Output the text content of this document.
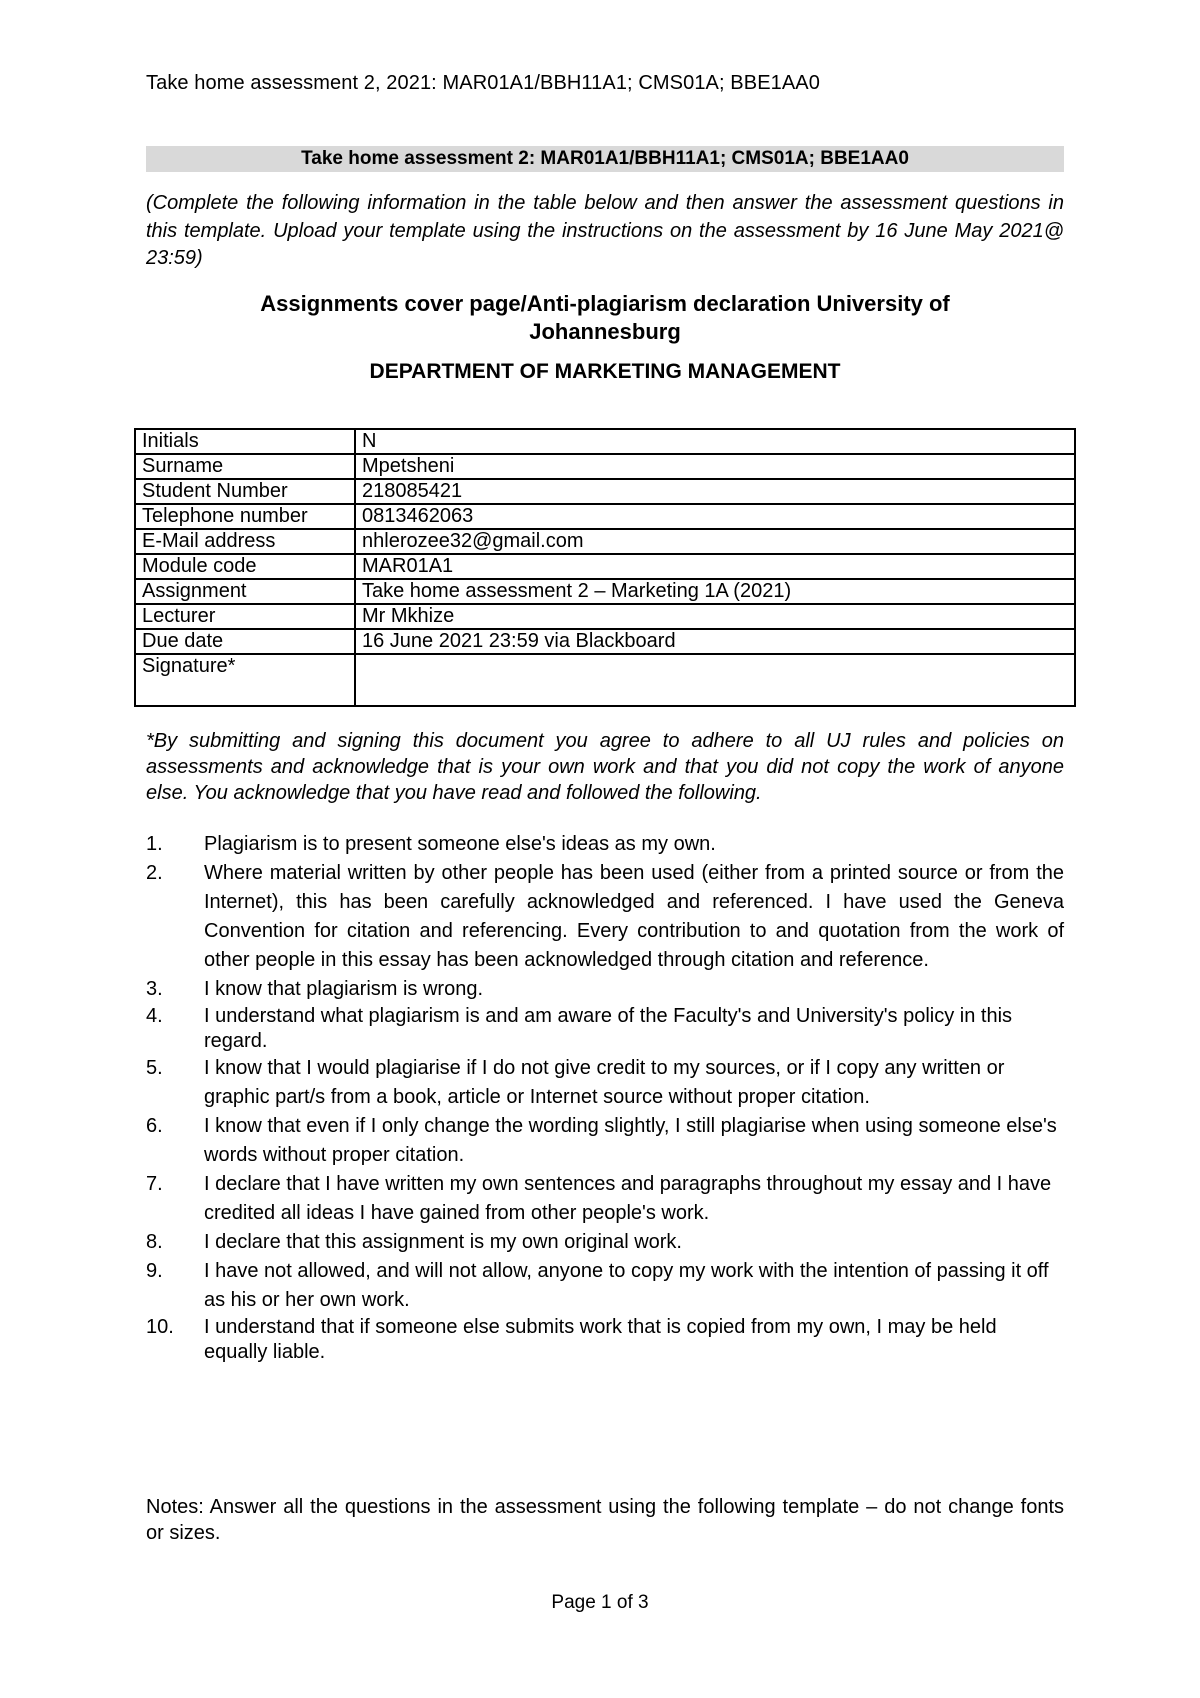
Take home assessment 2, 2021: MAR01A1/BBH11A1; CMS01A; BBE1AA0
Take home assessment 2: MAR01A1/BBH11A1; CMS01A; BBE1AA0
(Complete the following information in the table below and then answer the assessment questions in this template. Upload your template using the instructions on the assessment by 16 June May 2021@ 23:59)
Assignments cover page/Anti-plagiarism declaration University of
Johannesburg
DEPARTMENT OF MARKETING MANAGEMENT
Initials	N
Surname	Mpetsheni
Student Number	218085421
Telephone number	0813462063
E-Mail address	nhlerozee32@gmail.com
Module code	MAR01A1
Assignment	Take home assessment 2 – Marketing 1A (2021)
Lecturer	Mr Mkhize
Due date	16 June 2021 23:59 via Blackboard
Signature*	
*By submitting and signing this document you agree to adhere to all UJ rules and policies on assessments and acknowledge that is your own work and that you did not copy the work of anyone else. You acknowledge that you have read and followed the following.
1. Plagiarism is to present someone else's ideas as my own.
2. Where material written by other people has been used (either from a printed source or from the Internet), this has been carefully acknowledged and referenced. I have used the Geneva Convention for citation and referencing. Every contribution to and quotation from the work of other people in this essay has been acknowledged through citation and reference.
3. I know that plagiarism is wrong.
4. I understand what plagiarism is and am aware of the Faculty's and University's policy in this regard.
5. I know that I would plagiarise if I do not give credit to my sources, or if I copy any written or graphic part/s from a book, article or Internet source without proper citation.
6. I know that even if I only change the wording slightly, I still plagiarise when using someone else's words without proper citation.
7. I declare that I have written my own sentences and paragraphs throughout my essay and I have credited all ideas I have gained from other people's work.
8. I declare that this assignment is my own original work.
9. I have not allowed, and will not allow, anyone to copy my work with the intention of passing it off as his or her own work.
10. I understand that if someone else submits work that is copied from my own, I may be held equally liable.
Notes: Answer all the questions in the assessment using the following template – do not change fonts or sizes.
Page 1 of 3
